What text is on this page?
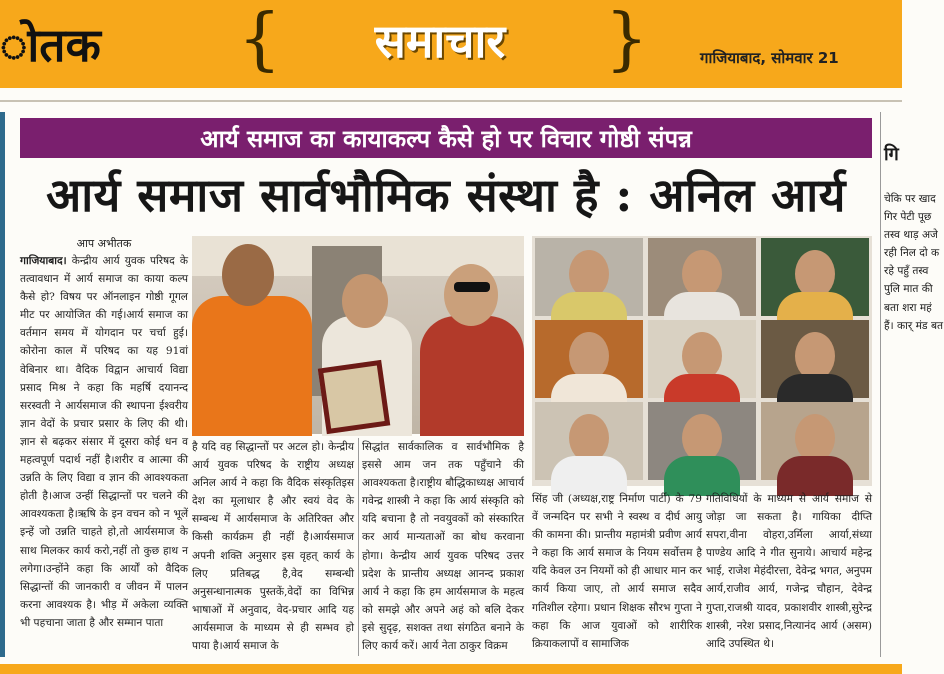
ोतक {	समाचार	}	गाजियाबाद, सोमवार 21
आर्य समाज का कायाकल्प कैसे हो पर विचार गोष्ठी संपन्न
आर्य समाज सार्वभौमिक संस्था है : अनिल आर्य
आप अभीतक
गाजियाबाद। केन्द्रीय आर्य युवक परिषद के तत्वावधान में आर्य समाज का काया कल्प कैसे हो? विषय पर ऑनलाइन गोष्ठी गूगल मीट पर आयोजित की गई।आर्य समाज का वर्तमान समय में योगदान पर चर्चा हुई।कोरोना काल में परिषद का यह 91वां वेबिनार था। वैदिक विद्वान आचार्य विद्या प्रसाद मिश्र ने कहा कि महर्षि दयानन्द सरस्वती ने आर्यसमाज की स्थापना ईश्वरीय ज्ञान वेदों के प्रचार प्रसार के लिए की थी। ज्ञान से बढ़कर संसार में दूसरा कोई धन व महत्वपूर्ण पदार्थ नहीं है।शरीर व आत्मा की उन्नति के लिए विद्या व ज्ञान की आवश्यकता होती है।आज उन्हीं सिद्धान्तों पर चलने की आवश्यकता है।ऋषि के इन वचन को न भूलें इन्हें जो उन्नति चाहते हो,तो आर्यसमाज के साथ मिलकर कार्य करो,नहीं तो कुछ हाथ न लगेगा।उन्होंने कहा कि आर्यों को वैदिक सिद्धान्तों की जानकारी व जीवन में पालन करना आवश्यक है। भीड़ में अकेला व्यक्ति भी पहचाना जाता है और सम्मान पाता
है यदि वह सिद्धान्तों पर अटल हो। केन्द्रीय आर्य युवक परिषद के राष्ट्रीय अध्यक्ष अनिल आर्य ने कहा कि वैदिक संस्कृतिइस देश का मूलाधार है और स्वयं वेद के सम्बन्ध में आर्यसमाज के अतिरिक्त और किसी कार्यक्रम ही नहीं है।आर्यसमाज अपनी शक्ति अनुसार इस वृहत् कार्य के लिए प्रतिबद्ध है,वेद सम्बन्धी अनुसन्धानात्मक पुस्तकें,वेदों का विभिन्न भाषाओं में अनुवाद, वेद-प्रचार आदि यह आर्यसमाज के माध्यम से ही सम्भव हो पाया है।आर्य समाज के
सिद्धांत सार्वकालिक व सार्वभौमिक है इससे आम जन तक पहुँचाने की आवश्यकता है।राष्ट्रीय बौद्धिकाध्यक्ष आचार्य गवेन्द्र शास्त्री ने कहा कि आर्य संस्कृति को यदि बचाना है तो नवयुवकों को संस्कारित कर आर्य मान्यताओं का बोध करवाना होगा। केन्द्रीय आर्य युवक परिषद उत्तर प्रदेश के प्रान्तीय अध्यक्ष आनन्द प्रकाश आर्य ने कहा कि हम आर्यसमाज के महत्व को समझे और अपने अहं को बलि देकर इसे सुदृढ़, सशक्त तथा संगठित बनाने के लिए कार्य करें। आर्य नेता ठाकुर विक्रम
सिंह जी (अध्यक्ष,राष्ट्र निर्माण पार्टी) के 79 वें जन्मदिन पर सभी ने स्वस्थ व दीर्घ आयु की कामना की। प्रान्तीय महामंत्री प्रवीण आर्य ने कहा कि आर्य समाज के नियम सर्वोत्तम है यदि केवल उन नियमों को ही आधार मान कर कार्य किया जाए, तो आर्य समाज सदैव गतिशील रहेगा। प्रधान शिक्षक सौरभ गुप्ता ने कहा कि आज युवाओं को शारीरिक क्रियाकलापों व सामाजिक
गतिविधियों के माध्यम से आर्य समाज से जोड़ा जा सकता है। गायिका दीप्ति सपरा,वीना वोहरा,उर्मिला आर्या,संध्या पाण्डेय आदि ने गीत सुनाये। आचार्य महेन्द्र भाई, राजेश मेहंदीरत्ता, देवेन्द्र भगत, अनुपम आर्य,राजीव आर्य, गजेन्द्र चौहान, देवेन्द्र गुप्ता,राजश्री यादव, प्रकाशवीर शास्त्री,सुरेन्द्र शास्त्री, नरेश प्रसाद,नित्यानंद आर्य (असम) आदि उपस्थित थे।
गि
चेकि पर खाद गिर पेटी पूछ तस्व थाड़ अजे रही निल दो क रहे पहुँ तस्व पुलि मात की बता शरा महं हैं। कार् मंड बत
